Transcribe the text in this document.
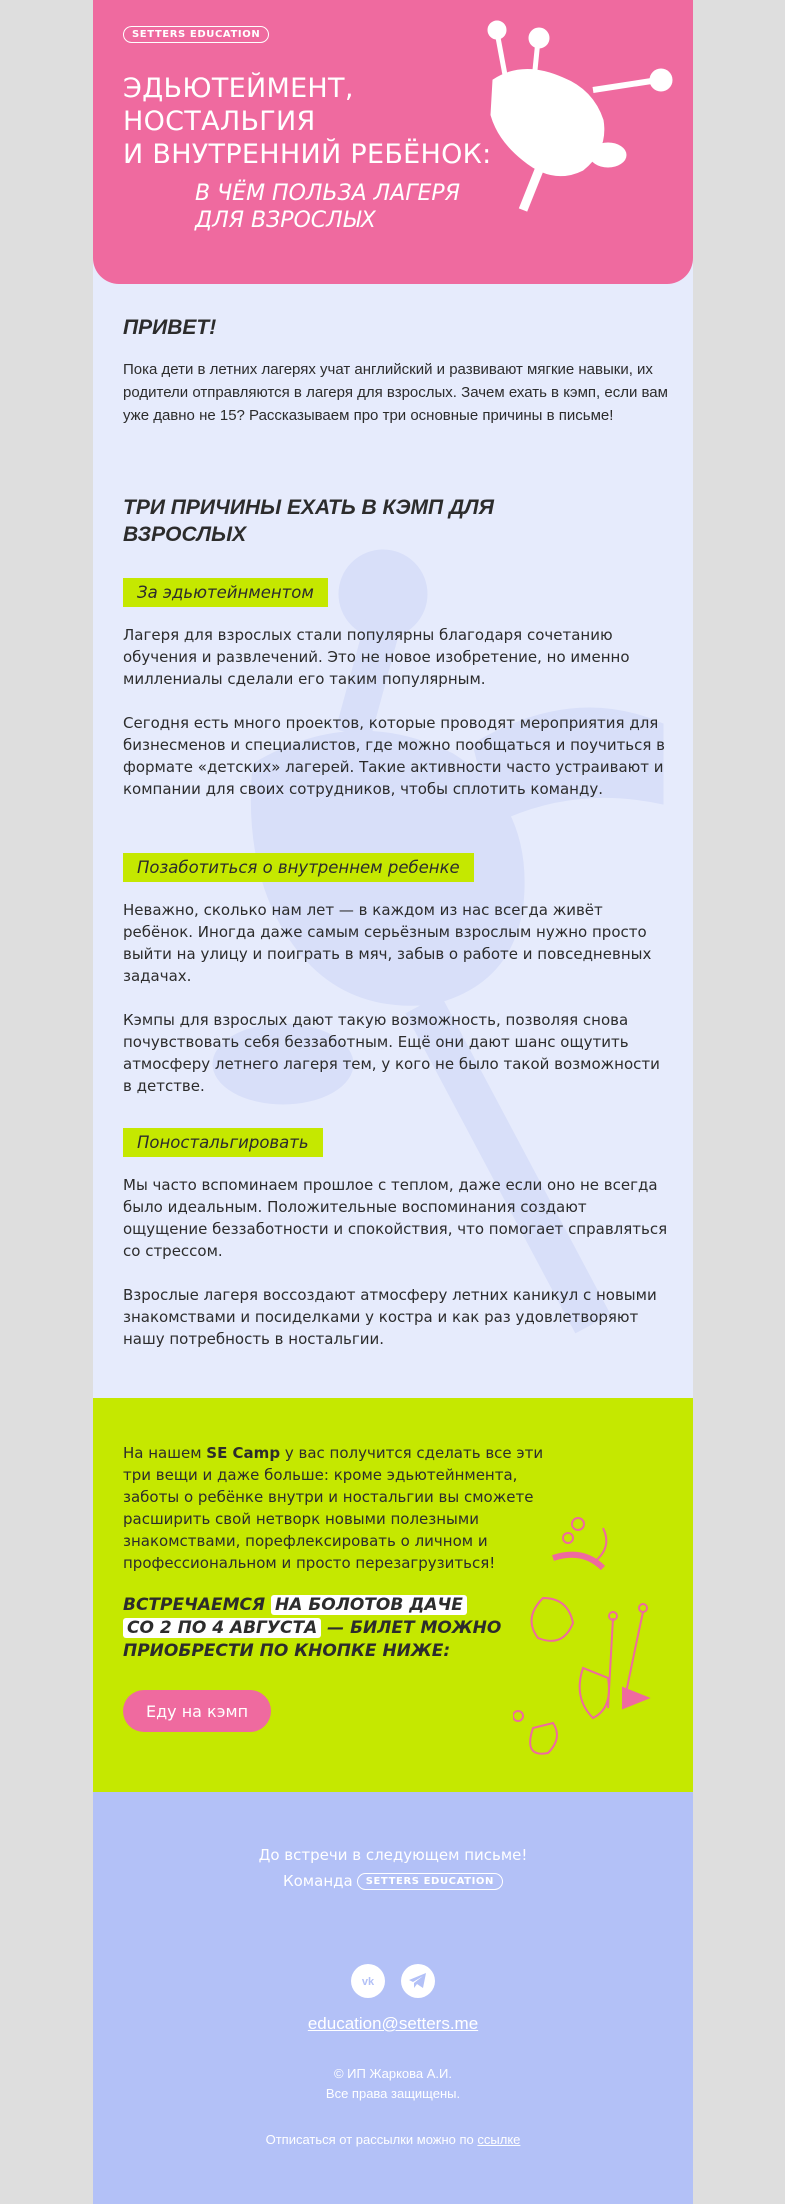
SETTERS EDUCATION
ЭДЬЮТЕЙМЕНТ,
НОСТАЛЬГИЯ
И ВНУТРЕННИЙ РЕБЁНОК:
В ЧЁМ ПОЛЬЗА ЛАГЕРЯ
ДЛЯ ВЗРОСЛЫХ
ПРИВЕТ!
Пока дети в летних лагерях учат английский и развивают мягкие навыки, их родители отправляются в лагеря для взрослых. Зачем ехать в кэмп, если вам уже давно не 15? Рассказываем про три основные причины в письме!
ТРИ ПРИЧИНЫ ЕХАТЬ В КЭМП ДЛЯ ВЗРОСЛЫХ
За эдьютейнментом
Лагеря для взрослых стали популярны благодаря сочетанию обучения и развлечений. Это не новое изобретение, но именно миллениалы сделали его таким популярным.
Сегодня есть много проектов, которые проводят мероприятия для бизнесменов и специалистов, где можно пообщаться и поучиться в формате «детских» лагерей. Такие активности часто устраивают и компании для своих сотрудников, чтобы сплотить команду.
Позаботиться о внутреннем ребенке
Неважно, сколько нам лет — в каждом из нас всегда живёт ребёнок. Иногда даже самым серьёзным взрослым нужно просто выйти на улицу и поиграть в мяч, забыв о работе и повседневных задачах.
Кэмпы для взрослых дают такую возможность, позволяя снова почувствовать себя беззаботным. Ещё они дают шанс ощутить атмосферу летнего лагеря тем, у кого не было такой возможности в детстве.
Поностальгировать
Мы часто вспоминаем прошлое с теплом, даже если оно не всегда было идеальным. Положительные воспоминания создают ощущение беззаботности и спокойствия, что помогает справляться со стрессом.
Взрослые лагеря воссоздают атмосферу летних каникул с новыми знакомствами и посиделками у костра и как раз удовлетворяют нашу потребность в ностальгии.
На нашем SE Camp у вас получится сделать все эти три вещи и даже больше: кроме эдьютейнмента, заботы о ребёнке внутри и ностальгии вы сможете расширить свой нетворк новыми полезными знакомствами, порефлексировать о личном и профессиональном и просто перезагрузиться!
ВСТРЕЧАЕМСЯ НА БОЛОТОВ ДАЧЕ
СО 2 ПО 4 АВГУСТА — БИЛЕТ МОЖНО ПРИОБРЕСТИ ПО КНОПКЕ НИЖЕ:
Еду на кэмп
До встречи в следующем письме!
Команда SETTERS EDUCATION
vk
education@setters.me
© ИП Жаркова А.И.
Все права защищены.
Отписаться от рассылки можно по ссылке
